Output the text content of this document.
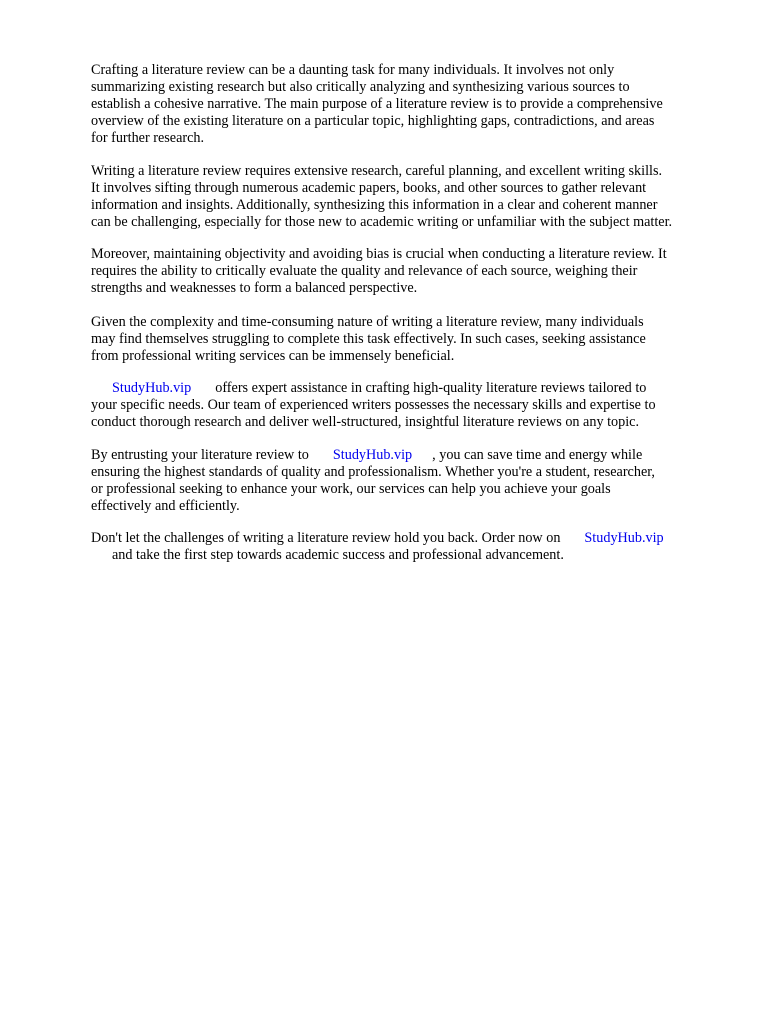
Crafting a literature review can be a daunting task for many individuals. It involves not only
summarizing existing research but also critically analyzing and synthesizing various sources to
establish a cohesive narrative. The main purpose of a literature review is to provide a comprehensive
overview of the existing literature on a particular topic, highlighting gaps, contradictions, and areas
for further research.

Writing a literature review requires extensive research, careful planning, and excellent writing skills.
It involves sifting through numerous academic papers, books, and other sources to gather relevant
information and insights. Additionally, synthesizing this information in a clear and coherent manner
can be challenging, especially for those new to academic writing or unfamiliar with the subject matter.

Moreover, maintaining objectivity and avoiding bias is crucial when conducting a literature review. It
requires the ability to critically evaluate the quality and relevance of each source, weighing their
strengths and weaknesses to form a balanced perspective.

Given the complexity and time-consuming nature of writing a literature review, many individuals
may find themselves struggling to complete this task effectively. In such cases, seeking assistance
from professional writing services can be immensely beneficial.

StudyHub.vip offers expert assistance in crafting high-quality literature reviews tailored to
your specific needs. Our team of experienced writers possesses the necessary skills and expertise to
conduct thorough research and deliver well-structured, insightful literature reviews on any topic.

By entrusting your literature review to StudyHub.vip , you can save time and energy while
ensuring the highest standards of quality and professionalism. Whether you're a student, researcher,
or professional seeking to enhance your work, our services can help you achieve your goals
effectively and efficiently.

Don't let the challenges of writing a literature review hold you back. Order now on StudyHub.vip
and take the first step towards academic success and professional advancement.
